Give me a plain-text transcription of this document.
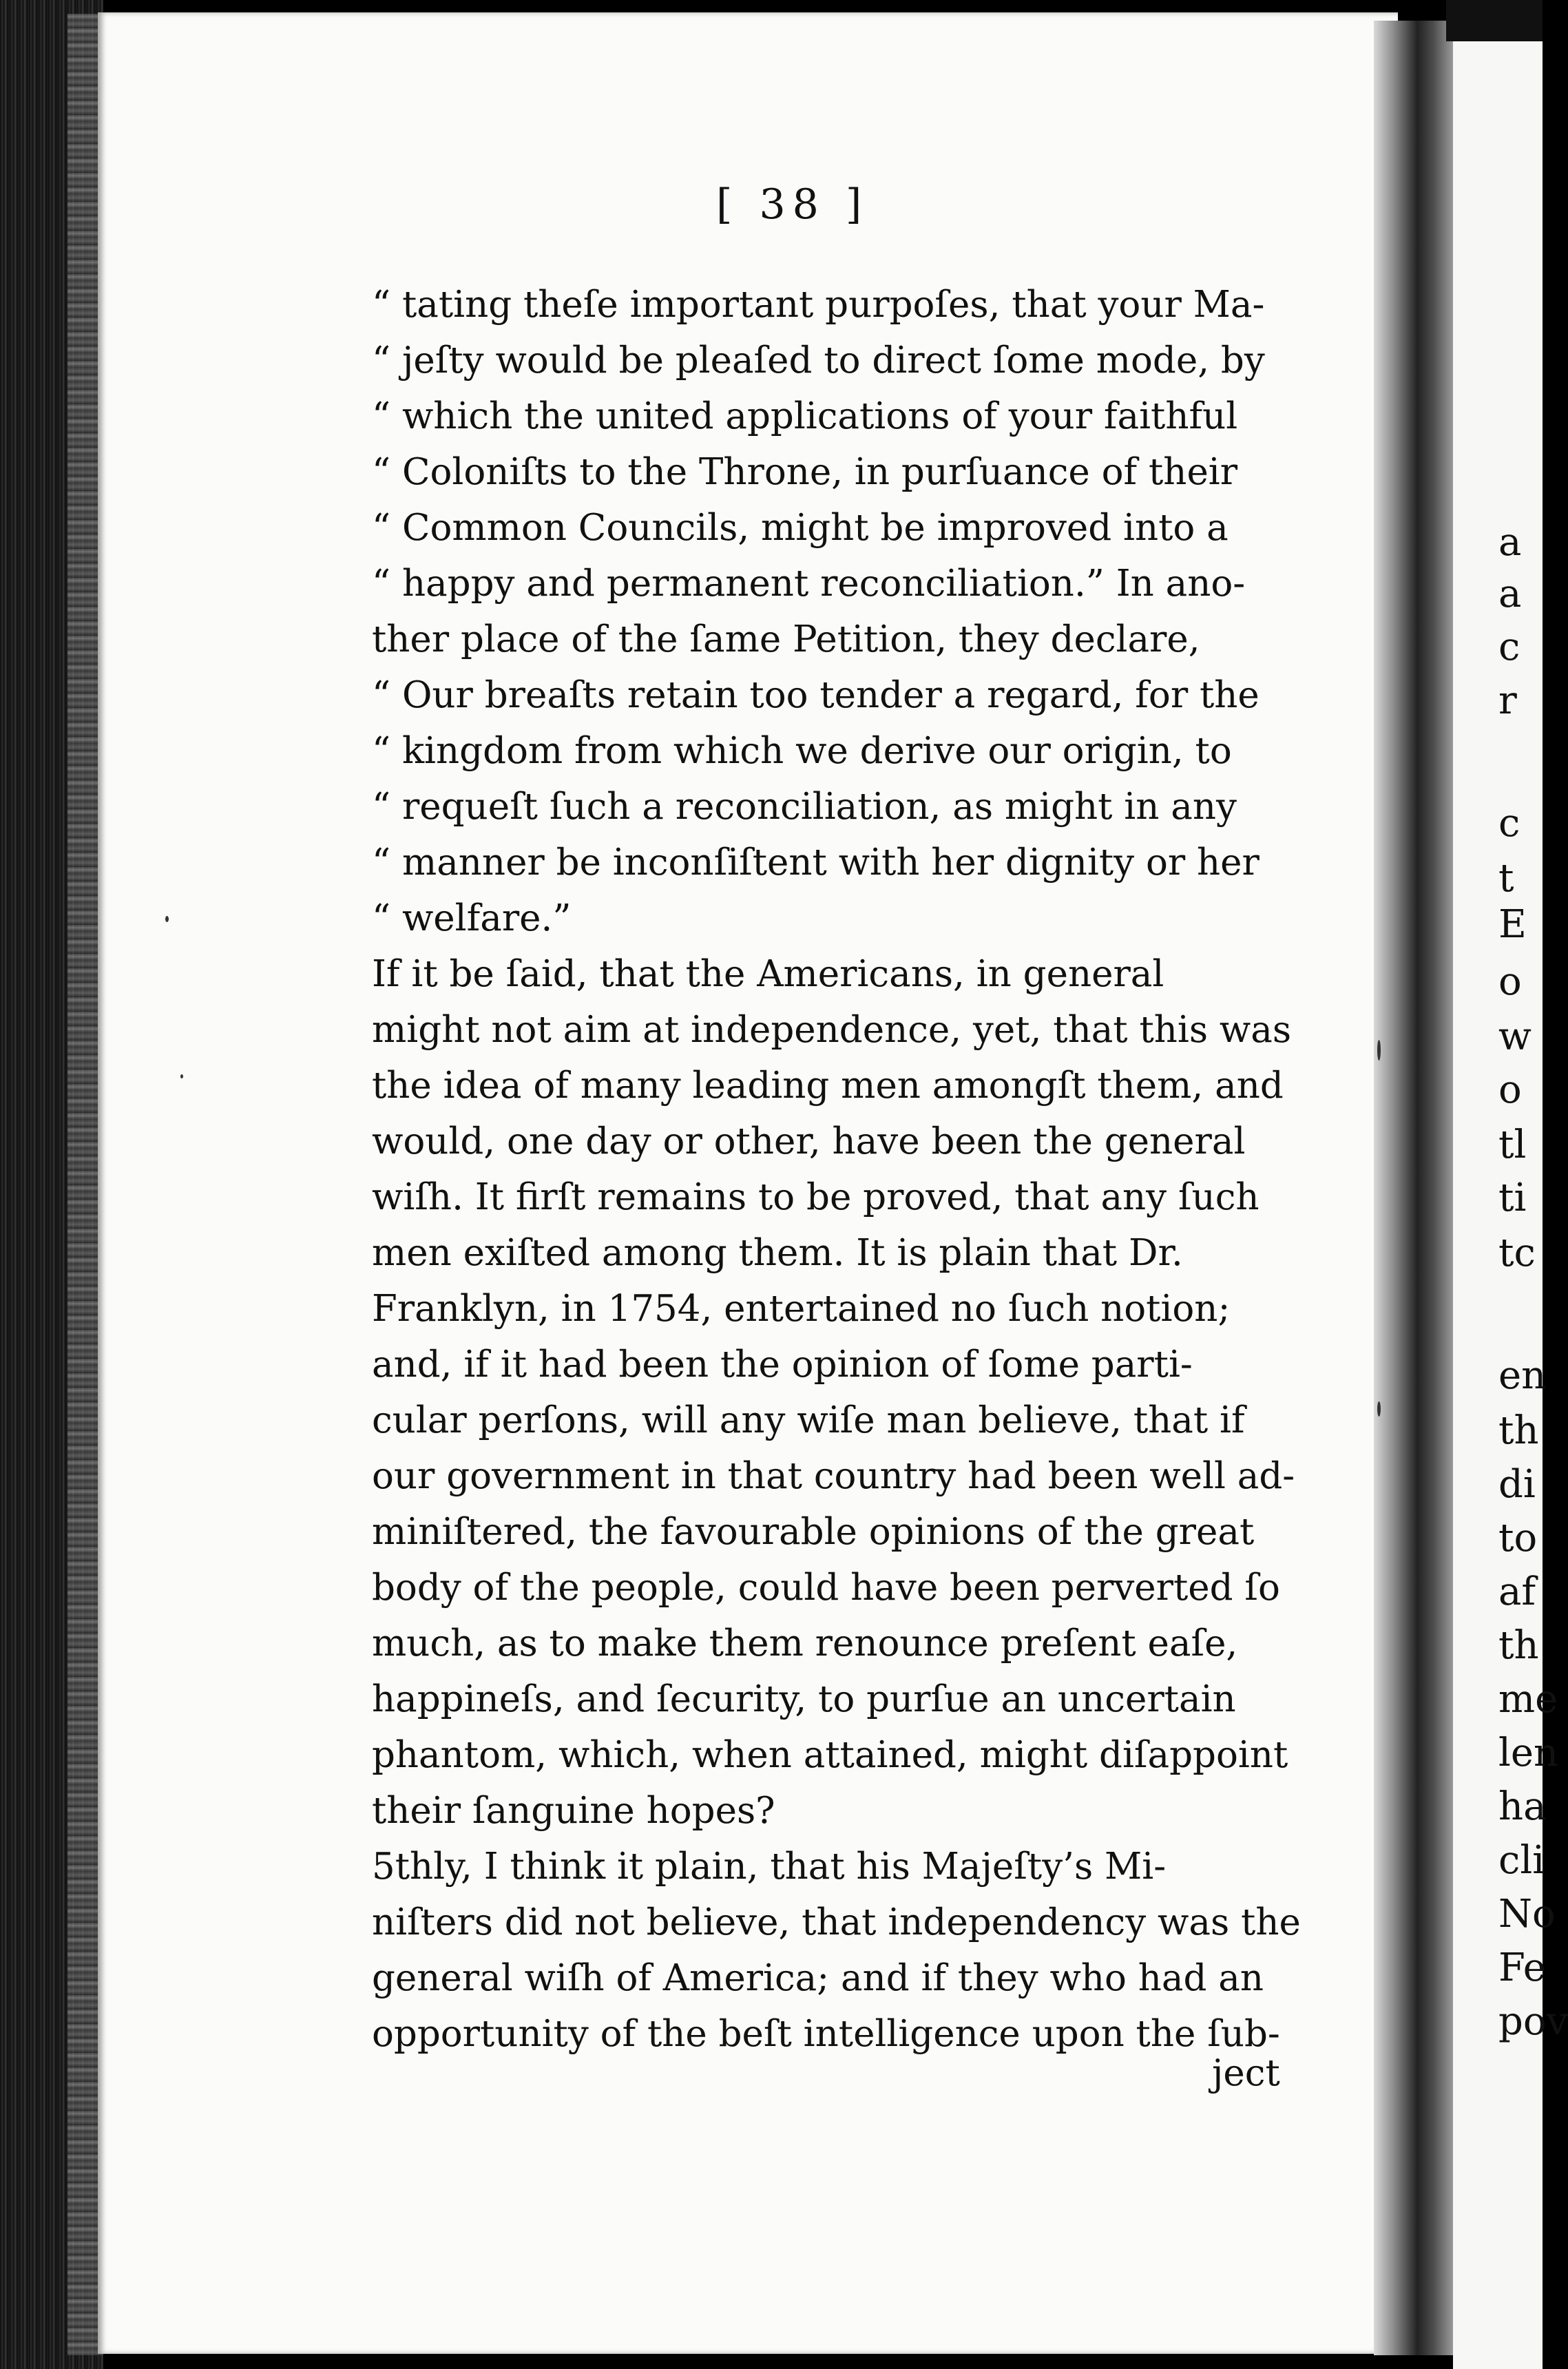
a
a
c
r
c
t
E
o
w
o
tl
ti
tc
en
th
di
to
af
th
me
len
ha
cli
No
Fe
pov
[ 38 ]
“ tating theſe important purpoſes, that your Ma-
“ jeſty would be pleaſed to direct ſome mode, by
“ which the united applications of your faithful
“ Coloniſts to the Throne, in purſuance of their
“ Common Councils, might be improved into a
“ happy and permanent reconciliation.” In ano-
ther place of the ſame Petition, they declare,
“ Our breaſts retain too tender a regard, for the
“ kingdom from which we derive our origin, to
“ requeſt ſuch a reconciliation, as might in any
“ manner be inconſiſtent with her dignity or her
“ welfare.”
If it be ſaid, that the Americans, in general
might not aim at independence, yet, that this was
the idea of many leading men amongſt them, and
would, one day or other, have been the general
wiſh. It firſt remains to be proved, that any ſuch
men exiſted among them. It is plain that Dr.
Franklyn, in 1754, entertained no ſuch notion;
and, if it had been the opinion of ſome parti-
cular perſons, will any wiſe man believe, that if
our government in that country had been well ad-
miniſtered, the favourable opinions of the great
body of the people, could have been perverted ſo
much, as to make them renounce preſent eaſe,
happineſs, and ſecurity, to purſue an uncertain
phantom, which, when attained, might diſappoint
their ſanguine hopes?
5thly, I think it plain, that his Majeſty’s Mi-
niſters did not believe, that independency was the
general wiſh of America; and if they who had an
opportunity of the beſt intelligence upon the ſub-
ject
